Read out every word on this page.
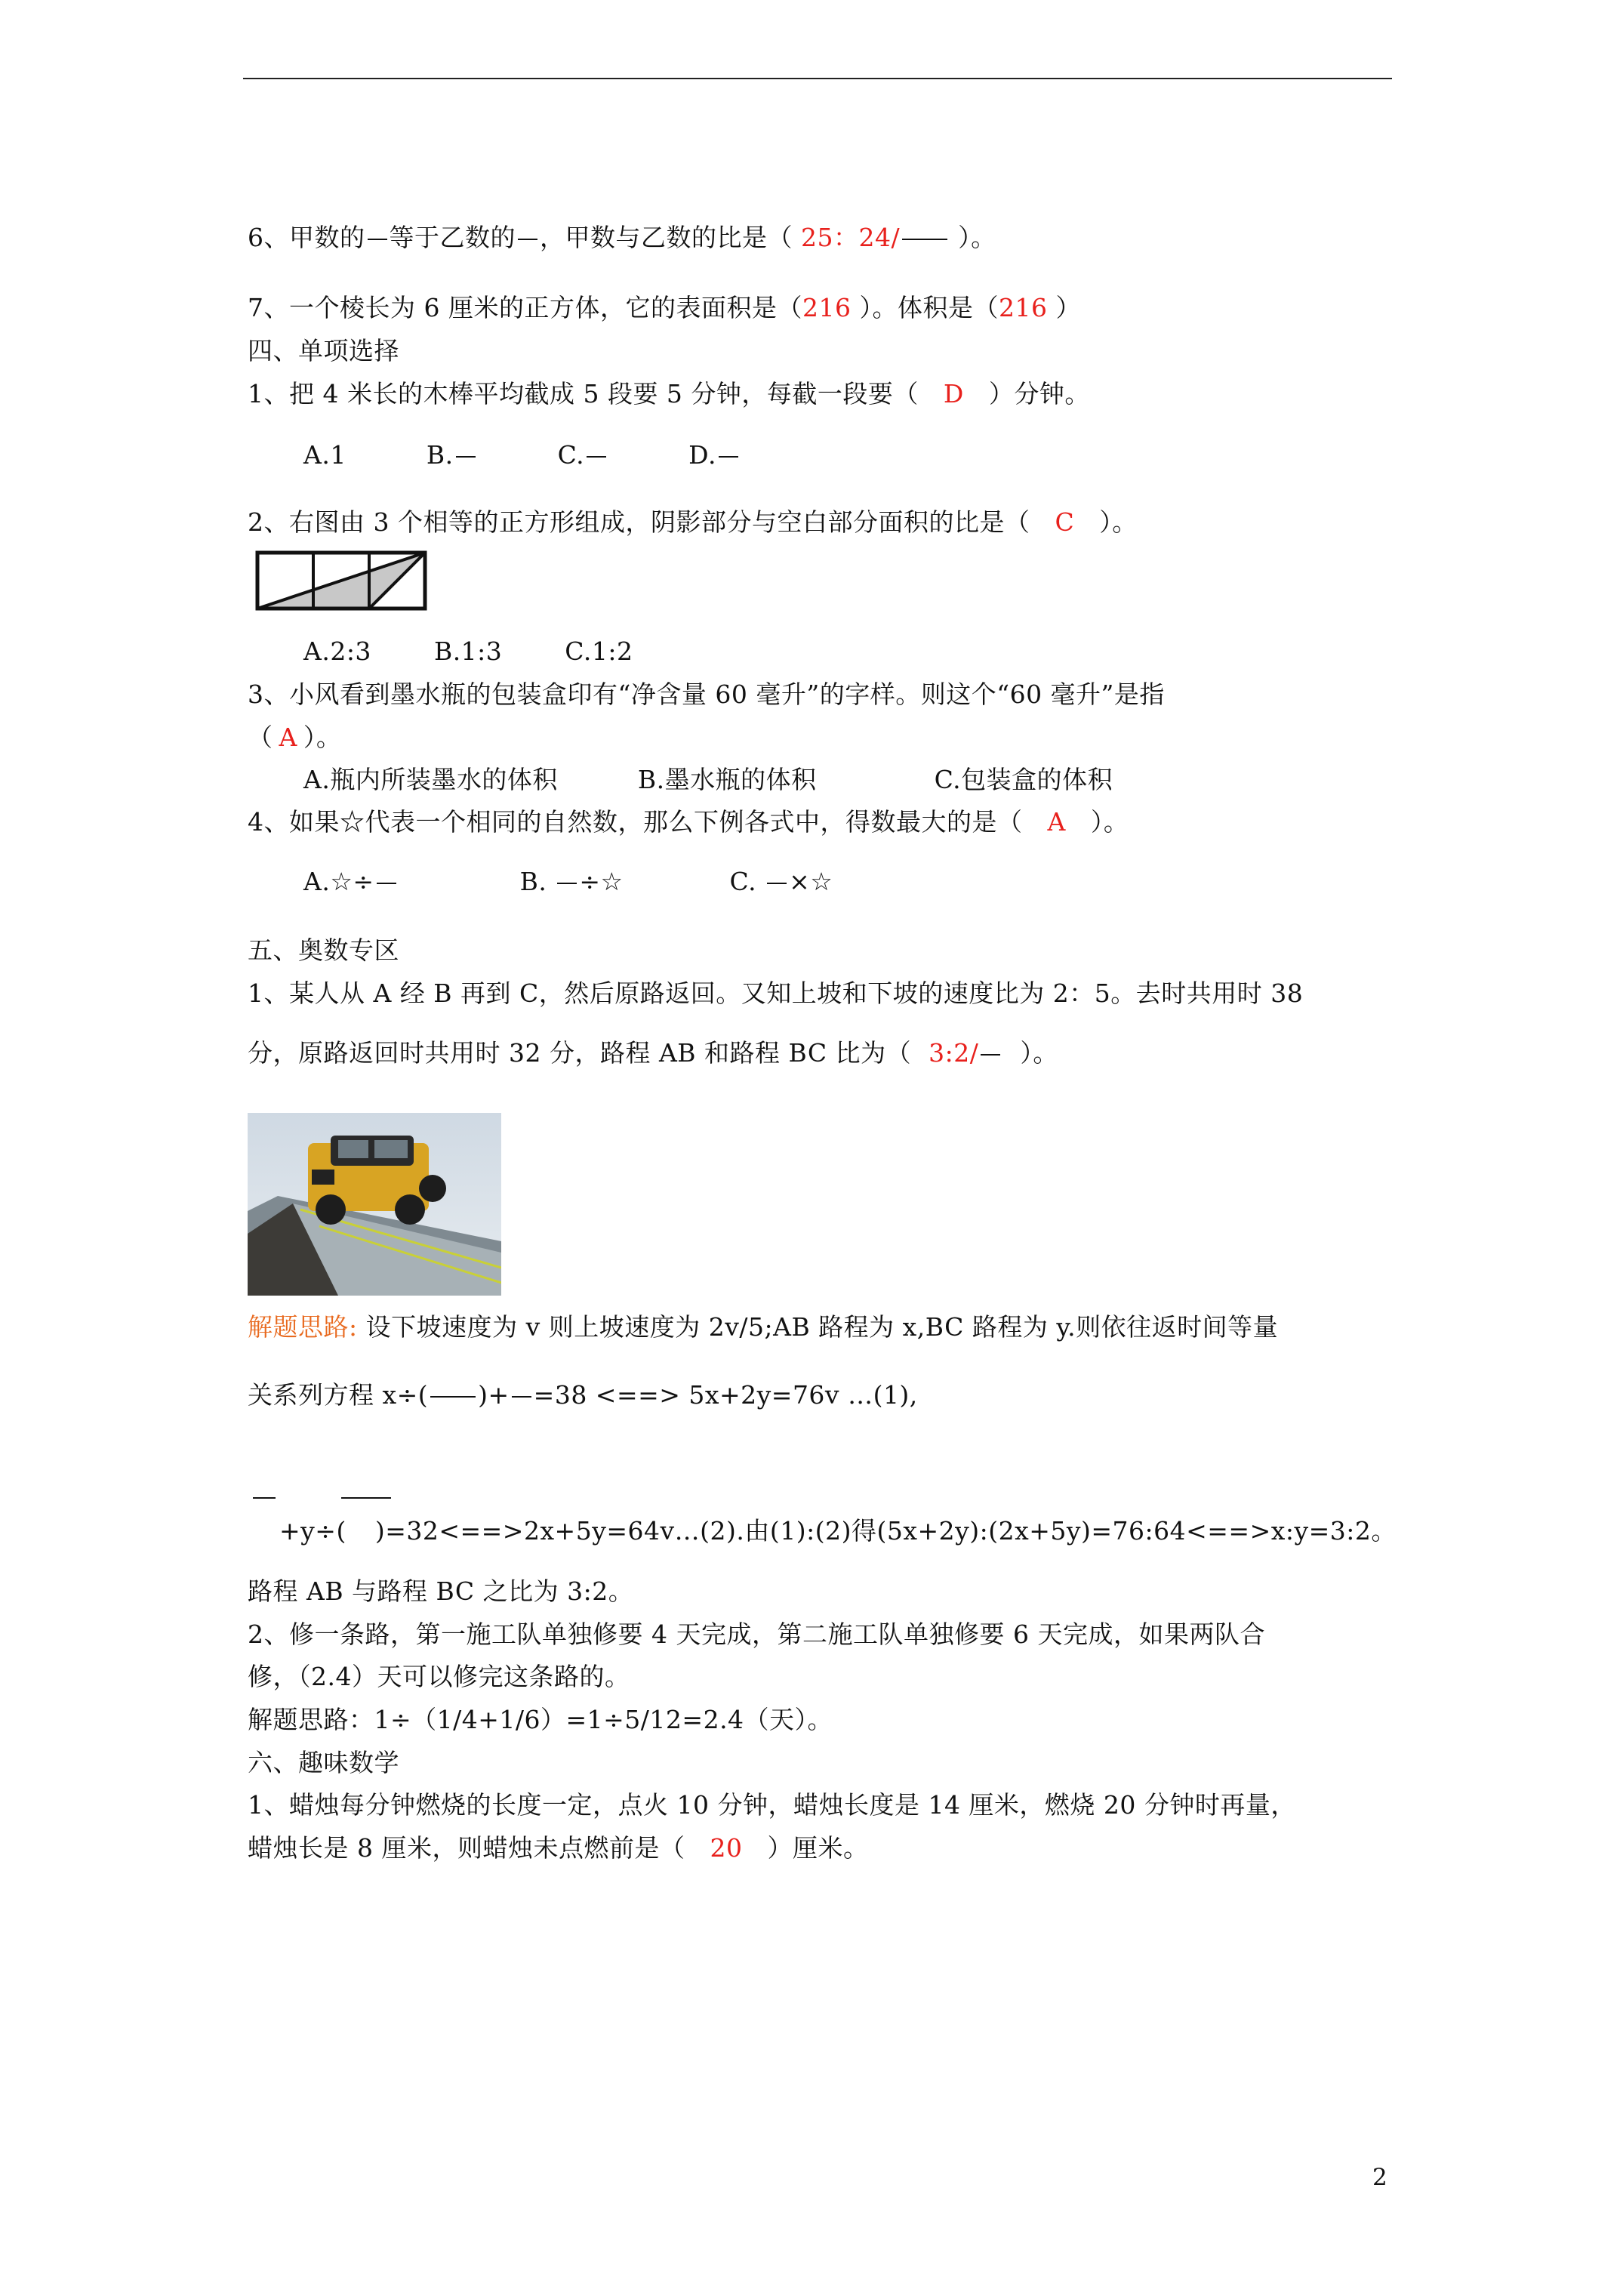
6、甲数的 等于乙数的 ，甲数与乙数的比是（ 25：24/ ）。
7、一个棱长为 6 厘米的正方体，它的表面积是（216 ）。体积是（216 ）
四、单项选择
1、把 4 米长的木棒平均截成 5 段要 5 分钟，每截一段要（ D ）分钟。
A.1	B.	C.	D.
2、右图由 3 个相等的正方形组成，阴影部分与空白部分面积的比是（ C ）。
A.2:3	B.1:3	C.1:2
3、小风看到墨水瓶的包装盒印有“净含量 60 毫升”的字样。则这个“60 毫升”是指
（ A ）。
A.瓶内所装墨水的体积	B.墨水瓶的体积	C.包装盒的体积
4、如果☆代表一个相同的自然数，那么下例各式中，得数最大的是（ A ）。
A.☆÷	B. ÷☆	C. ×☆
五、奥数专区
1、某人从 A 经 B 再到 C，然后原路返回。又知上坡和下坡的速度比为 2：5。去时共用时 38
分，原路返回时共用时 32 分，路程 AB 和路程 BC 比为（ 3:2/ ）。
解题思路: 设下坡速度为 v 则上坡速度为 2v/5;AB 路程为 x,BC 路程为 y.则依往返时间等量
关系列方程 x÷( )+ =38 <==> 5x+2y=76v …(1),
+y÷( )=32<==>2x+5y=64v…(2).由(1):(2)得(5x+2y):(2x+5y)=76:64<==>x:y=3:2。
路程 AB 与路程 BC 之比为 3:2。
2、修一条路，第一施工队单独修要 4 天完成，第二施工队单独修要 6 天完成，如果两队合
修，（2.4）天可以修完这条路的。
解题思路：1÷（1/4+1/6）=1÷5/12=2.4（天）。
六、趣味数学
1、蜡烛每分钟燃烧的长度一定，点火 10 分钟，蜡烛长度是 14 厘米，燃烧 20 分钟时再量，
蜡烛长是 8 厘米，则蜡烛未点燃前是（ 20 ）厘米。
2
